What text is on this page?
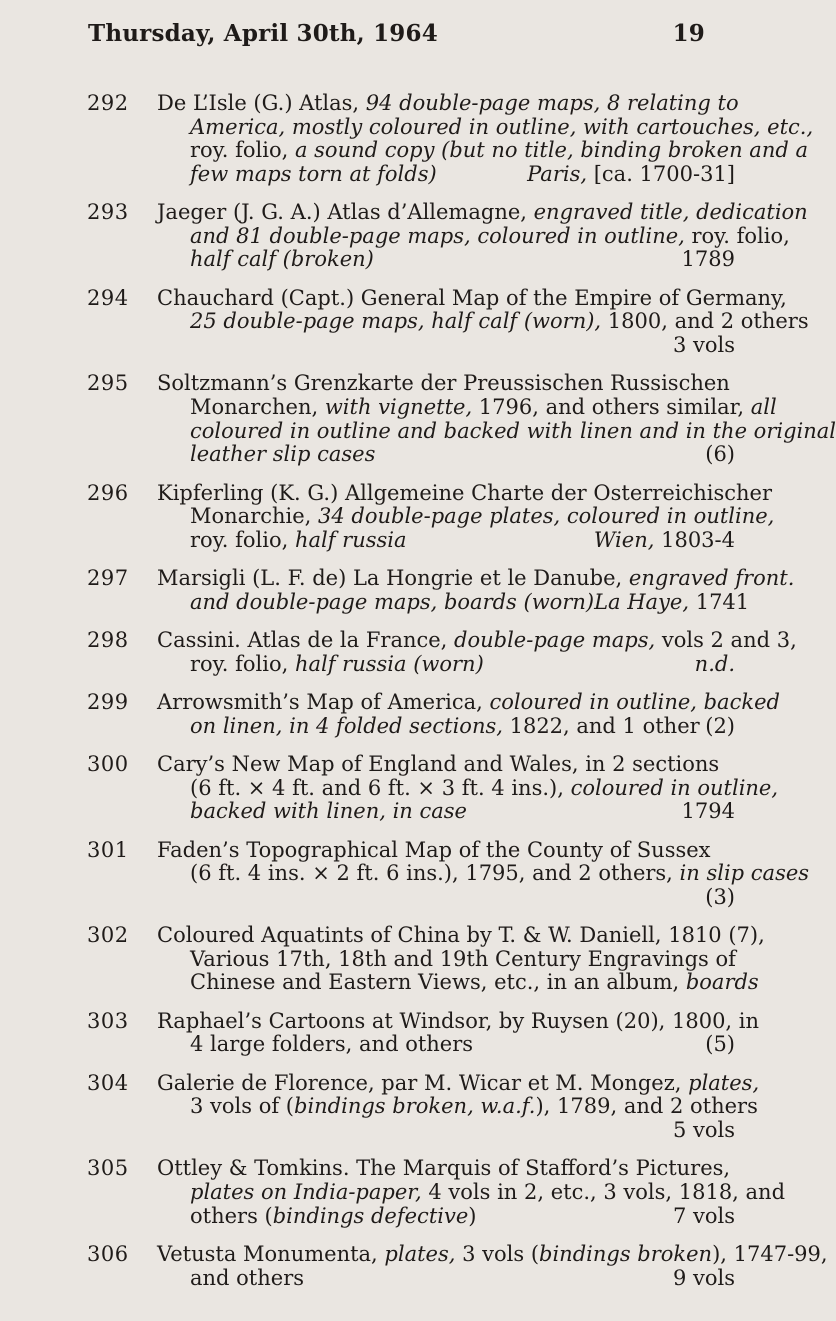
Thursday, April 30th, 1964	19
292	De L’Isle (G.) Atlas, 94 double-page maps, 8 relating to
America, mostly coloured in outline, with cartouches, etc.,
roy. folio, a sound copy (but no title, binding broken and a
few maps torn at folds)	Paris, [ca. 1700-31]
293	Jaeger (J. G. A.) Atlas d’Allemagne, engraved title, dedication
and 81 double-page maps, coloured in outline, roy. folio,
half calf (broken)	1789
294	Chauchard (Capt.) General Map of the Empire of Germany,
25 double-page maps, half calf (worn), 1800, and 2 others
3 vols
295	Soltzmann’s Grenzkarte der Preussischen Russischen
Monarchen, with vignette, 1796, and others similar, all
coloured in outline and backed with linen and in the original
leather slip cases	(6)
296	Kipferling (K. G.) Allgemeine Charte der Osterreichischer
Monarchie, 34 double-page plates, coloured in outline,
roy. folio, half russia	Wien, 1803-4
297	Marsigli (L. F. de) La Hongrie et le Danube, engraved front.
and double-page maps, boards (worn) La Haye, 1741
298	Cassini. Atlas de la France, double-page maps, vols 2 and 3,
roy. folio, half russia (worn)	n.d.
299	Arrowsmith’s Map of America, coloured in outline, backed
on linen, in 4 folded sections, 1822, and 1 other (2)
300	Cary’s New Map of England and Wales, in 2 sections
(6 ft. × 4 ft. and 6 ft. × 3 ft. 4 ins.), coloured in outline,
backed with linen, in case	1794
301	Faden’s Topographical Map of the County of Sussex
(6 ft. 4 ins. × 2 ft. 6 ins.), 1795, and 2 others, in slip cases
(3)
302	Coloured Aquatints of China by T. & W. Daniell, 1810 (7),
Various 17th, 18th and 19th Century Engravings of
Chinese and Eastern Views, etc., in an album, boards
303	Raphael’s Cartoons at Windsor, by Ruysen (20), 1800, in
4 large folders, and others	(5)
304	Galerie de Florence, par M. Wicar et M. Mongez, plates,
3 vols of (bindings broken, w.a.f.), 1789, and 2 others
5 vols
305	Ottley & Tomkins. The Marquis of Stafford’s Pictures,
plates on India-paper, 4 vols in 2, etc., 3 vols, 1818, and
others (bindings defective)	7 vols
306	Vetusta Monumenta, plates, 3 vols (bindings broken), 1747-99,
and others	9 vols
